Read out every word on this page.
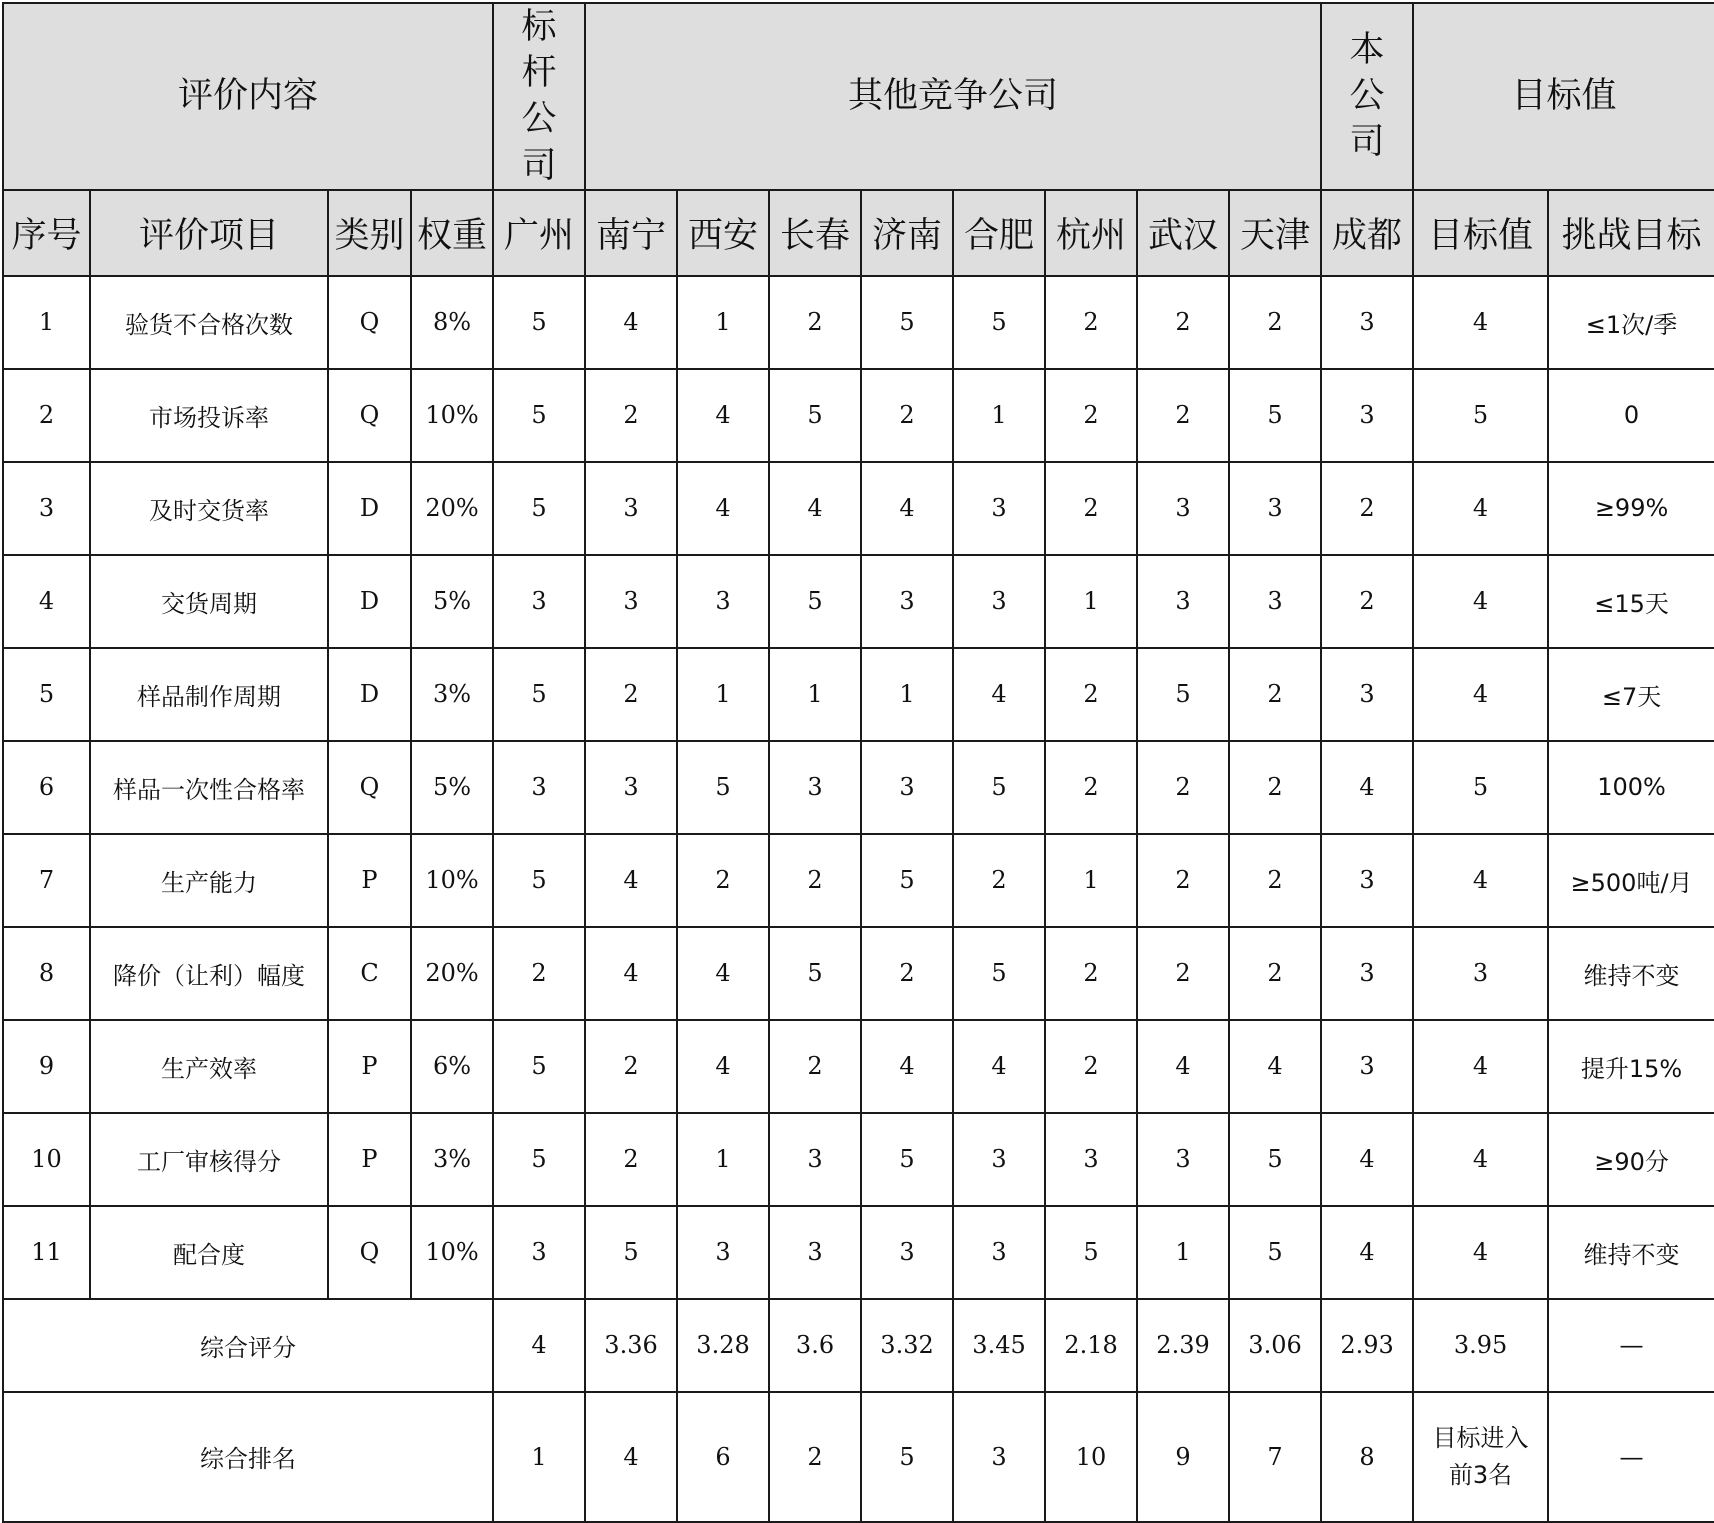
评价内容				标杆公司	其他竞争公司								本公司	目标值	
序号	评价项目	类别	权重	广州	南宁	西安	长春	济南	合肥	杭州	武汉	天津	成都	目标值	挑战目标
1	验货不合格次数	Q	8%	5	4	1	2	5	5	2	2	2	3	4	≤1次/季
2	市场投诉率	Q	10%	5	2	4	5	2	1	2	2	5	3	5	0
3	及时交货率	D	20%	5	3	4	4	4	3	2	3	3	2	4	≥99%
4	交货周期	D	5%	3	3	3	5	3	3	1	3	3	2	4	≤15天
5	样品制作周期	D	3%	5	2	1	1	1	4	2	5	2	3	4	≤7天
6	样品一次性合格率	Q	5%	3	3	5	3	3	5	2	2	2	4	5	100%
7	生产能力	P	10%	5	4	2	2	5	2	1	2	2	3	4	≥500吨/月
8	降价（让利）幅度	C	20%	2	4	4	5	2	5	2	2	2	3	3	维持不变
9	生产效率	P	6%	5	2	4	2	4	4	2	4	4	3	4	提升15%
10	工厂审核得分	P	3%	5	2	1	3	5	3	3	3	5	4	4	≥90分
11	配合度	Q	10%	3	5	3	3	3	3	5	1	5	4	4	维持不变
综合评分				4	3.36	3.28	3.6	3.32	3.45	2.18	2.39	3.06	2.93	3.95	—
综合排名				1	4	6	2	5	3	10	9	7	8	目标进入前3名	—
